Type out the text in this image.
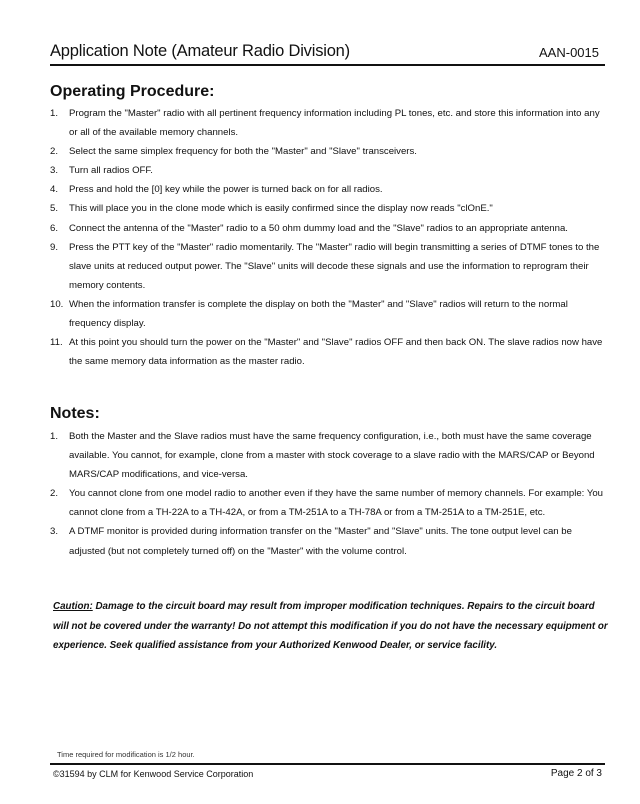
Application Note (Amateur Radio Division)	AAN-0015
Operating Procedure:
1. Program the "Master" radio with all pertinent frequency information including PL tones, etc. and store this information into any or all of the available memory channels.
2. Select the same simplex frequency for both the "Master" and "Slave" transceivers.
3. Turn all radios OFF.
4. Press and hold the [0] key while the power is turned back on for all radios.
5. This will place you in the clone mode which is easily confirmed since the display now reads "clOnE."
6. Connect the antenna of the "Master" radio to a 50 ohm dummy load and the "Slave" radios to an appropriate antenna.
9. Press the PTT key of the "Master" radio momentarily. The "Master" radio will begin transmitting a series of DTMF tones to the slave units at reduced output power. The "Slave" units will decode these signals and use the information to reprogram their memory contents.
10. When the information transfer is complete the display on both the "Master" and "Slave" radios will return to the normal frequency display.
11. At this point you should turn the power on the "Master" and "Slave" radios OFF and then back ON. The slave radios now have the same memory data information as the master radio.
Notes:
1. Both the Master and the Slave radios must have the same frequency configuration, i.e., both must have the same coverage available. You cannot, for example, clone from a master with stock coverage to a slave radio with the MARS/CAP or Beyond MARS/CAP modifications, and vice-versa.
2. You cannot clone from one model radio to another even if they have the same number of memory channels. For example: You cannot clone from a TH-22A to a TH-42A, or from a TM-251A to a TH-78A or from a TM-251A to a TM-251E, etc.
3. A DTMF monitor is provided during information transfer on the "Master" and "Slave" units. The tone output level can be adjusted (but not completely turned off) on the "Master" with the volume control.
Caution: Damage to the circuit board may result from improper modification techniques. Repairs to the circuit board will not be covered under the warranty! Do not attempt this modification if you do not have the necessary equipment or experience. Seek qualified assistance from your Authorized Kenwood Dealer, or service facility.
Time required for modification is 1/2 hour.
©31594 by CLM for Kenwood Service Corporation	Page 2 of 3
